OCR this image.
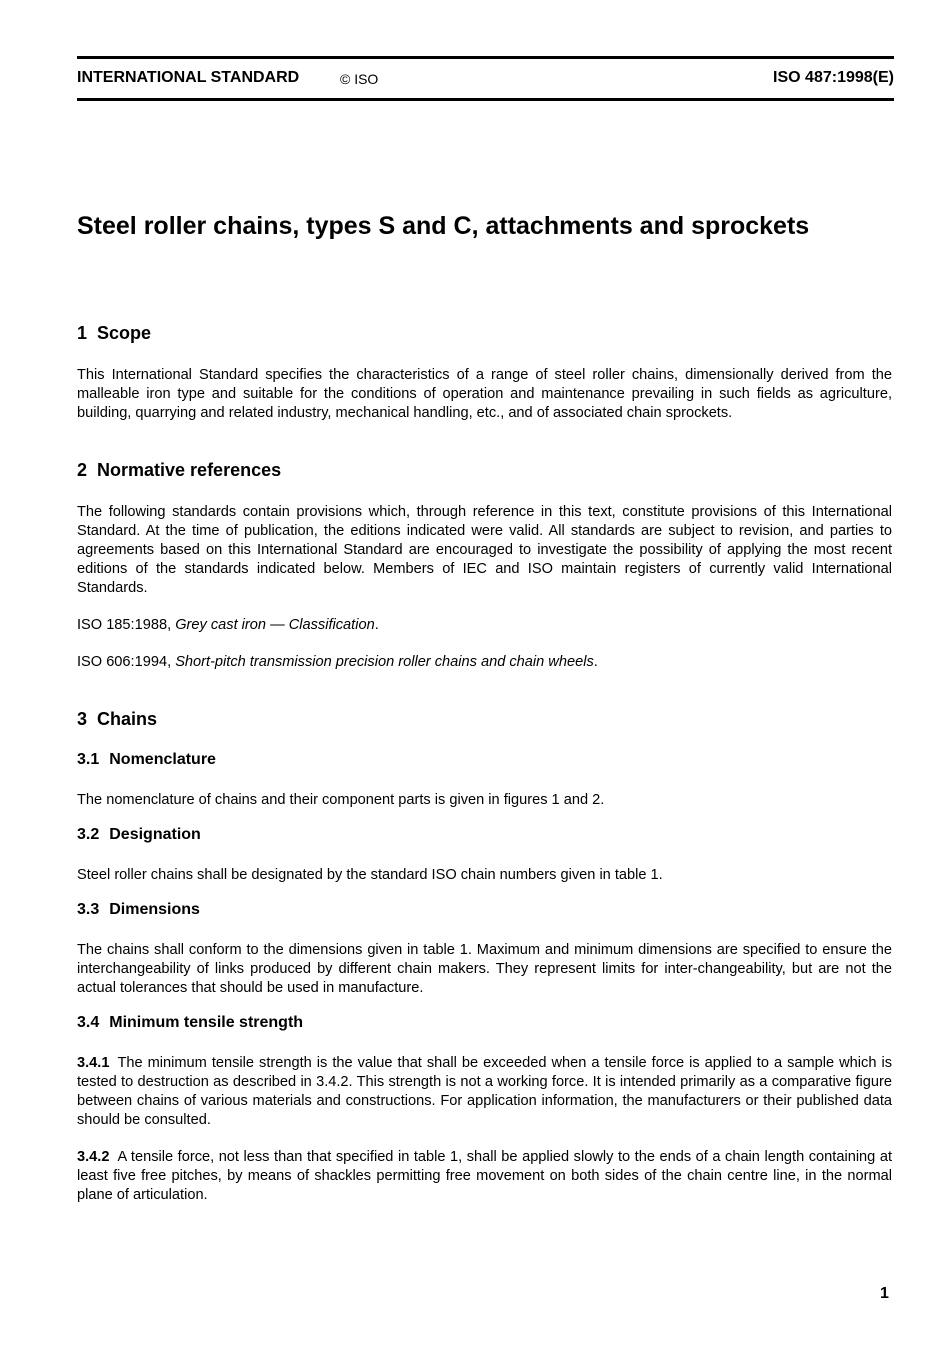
INTERNATIONAL STANDARD	© ISO	ISO 487:1998(E)
Steel roller chains, types S and C, attachments and sprockets
1 Scope
This International Standard specifies the characteristics of a range of steel roller chains, dimensionally derived from the malleable iron type and suitable for the conditions of operation and maintenance prevailing in such fields as agriculture, building, quarrying and related industry, mechanical handling, etc., and of associated chain sprockets.
2 Normative references
The following standards contain provisions which, through reference in this text, constitute provisions of this International Standard. At the time of publication, the editions indicated were valid. All standards are subject to revision, and parties to agreements based on this International Standard are encouraged to investigate the possibility of applying the most recent editions of the standards indicated below. Members of IEC and ISO maintain registers of currently valid International Standards.
ISO 185:1988, Grey cast iron — Classification.
ISO 606:1994, Short-pitch transmission precision roller chains and chain wheels.
3 Chains
3.1 Nomenclature
The nomenclature of chains and their component parts is given in figures 1 and 2.
3.2 Designation
Steel roller chains shall be designated by the standard ISO chain numbers given in table 1.
3.3 Dimensions
The chains shall conform to the dimensions given in table 1. Maximum and minimum dimensions are specified to ensure the interchangeability of links produced by different chain makers. They represent limits for inter-changeability, but are not the actual tolerances that should be used in manufacture.
3.4 Minimum tensile strength
3.4.1 The minimum tensile strength is the value that shall be exceeded when a tensile force is applied to a sample which is tested to destruction as described in 3.4.2. This strength is not a working force. It is intended primarily as a comparative figure between chains of various materials and constructions. For application information, the manufacturers or their published data should be consulted.
3.4.2 A tensile force, not less than that specified in table 1, shall be applied slowly to the ends of a chain length containing at least five free pitches, by means of shackles permitting free movement on both sides of the chain centre line, in the normal plane of articulation.
1
